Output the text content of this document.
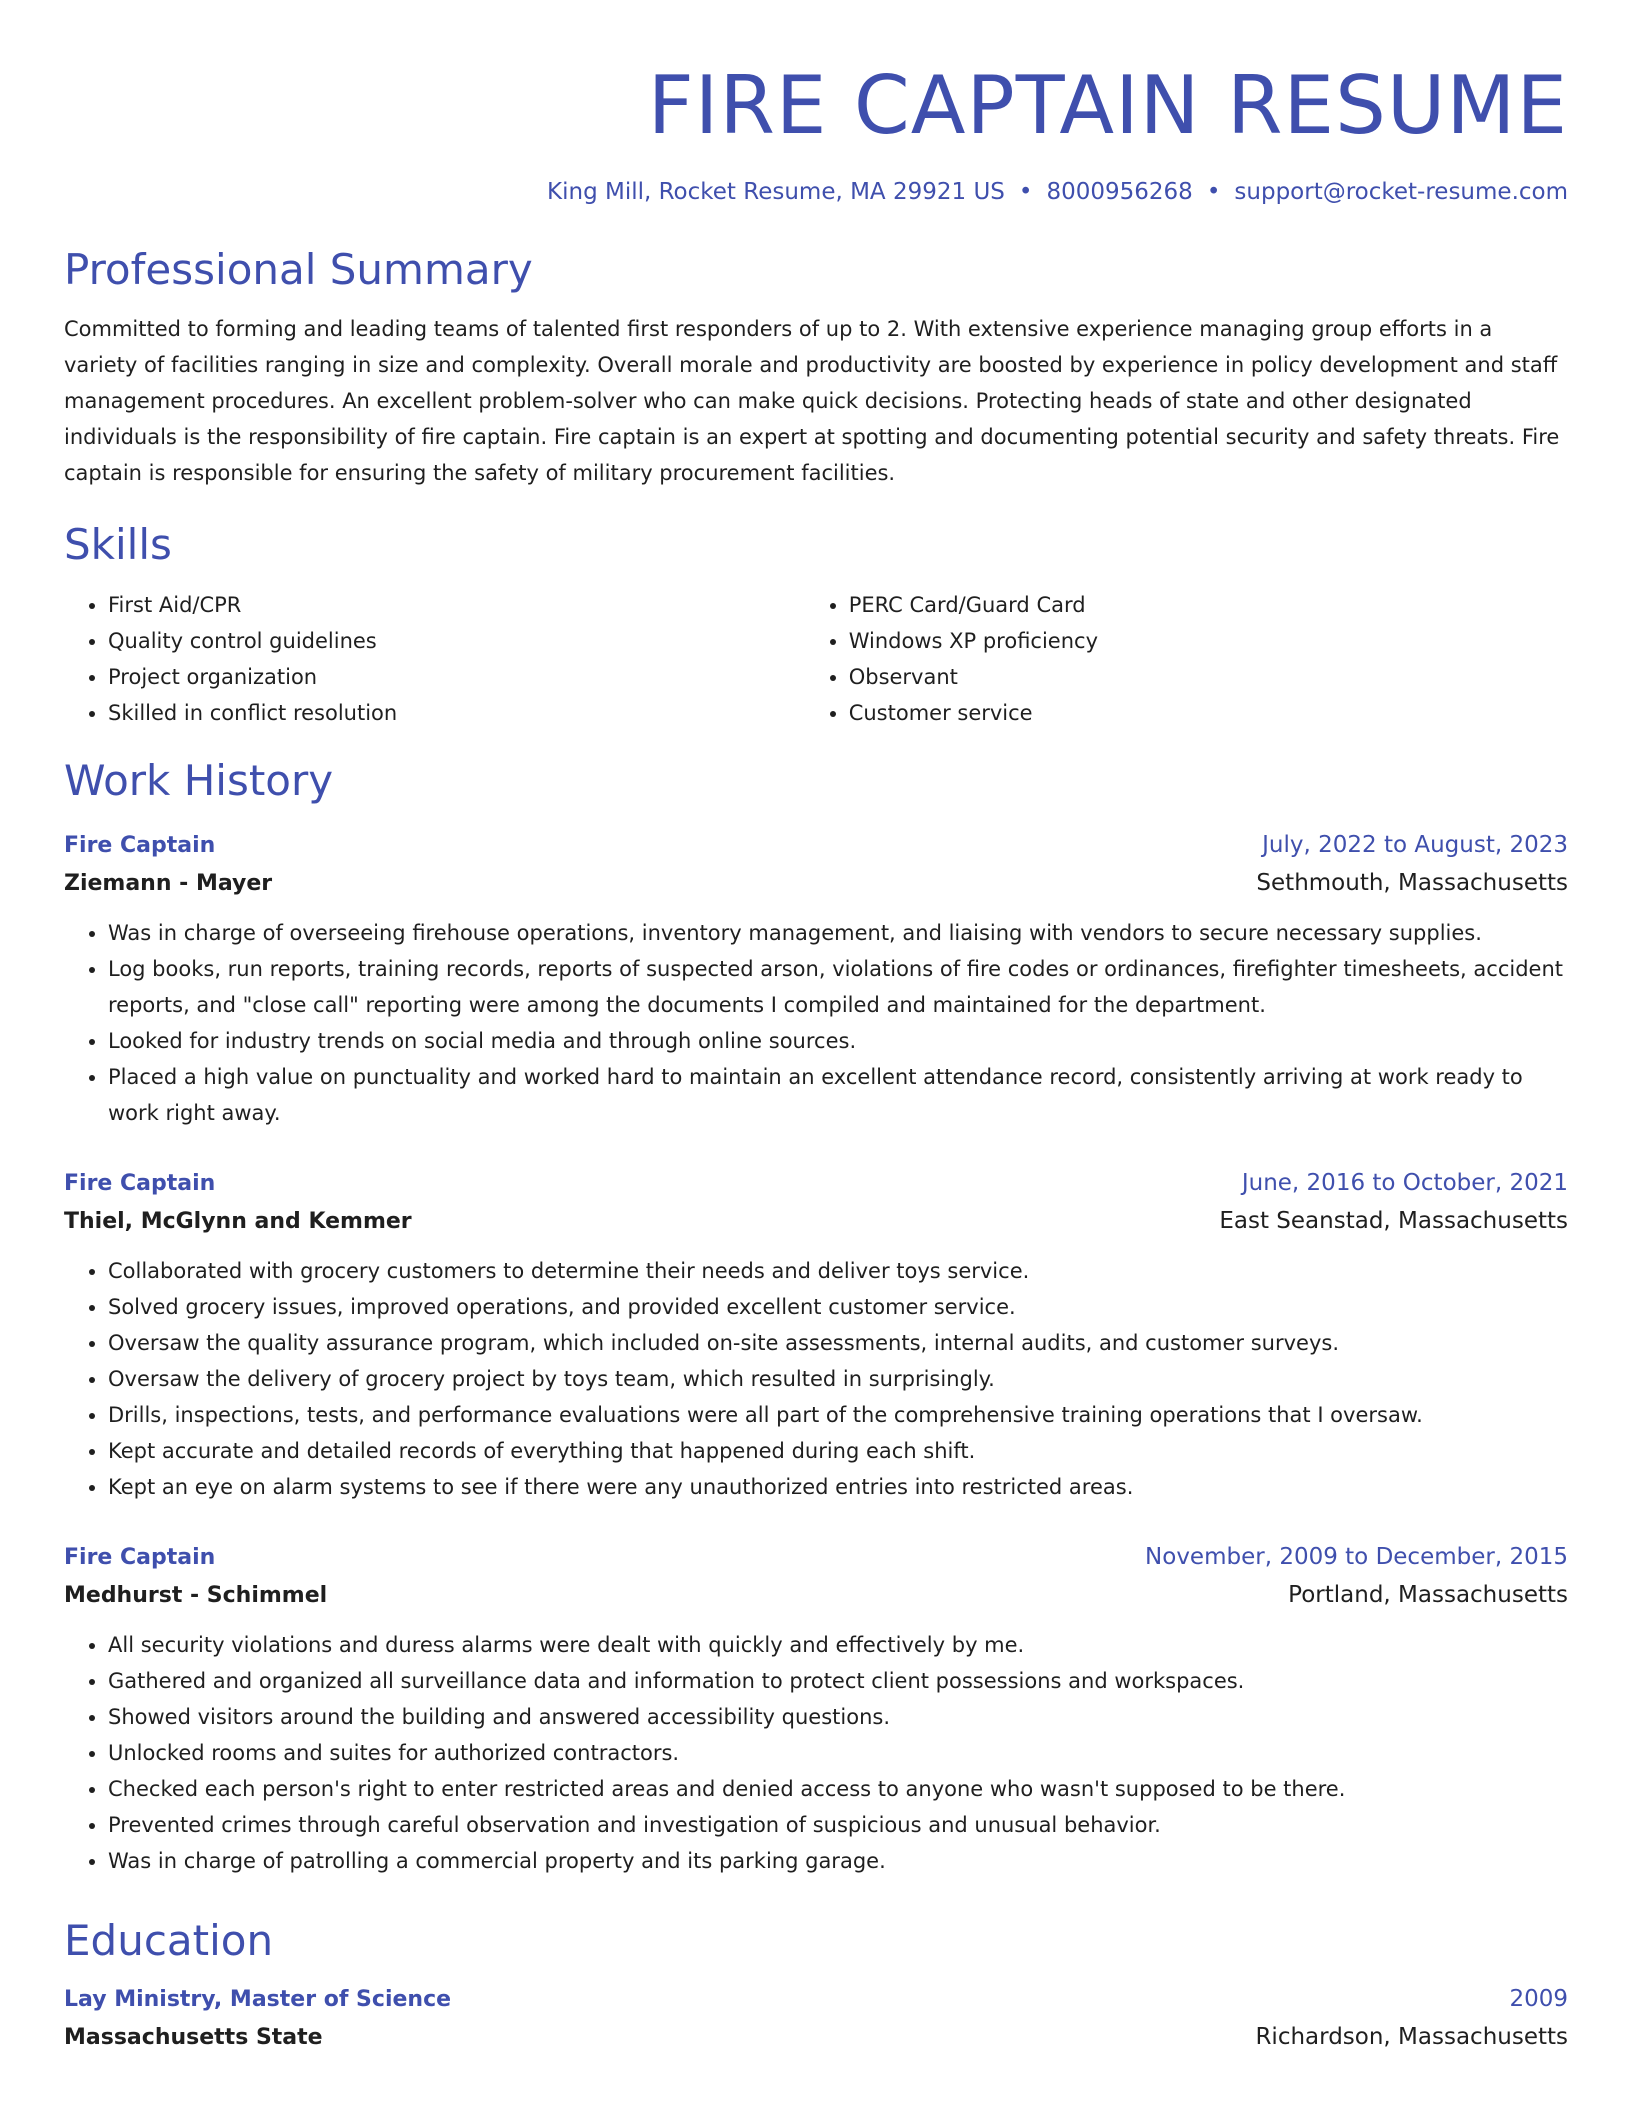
FIRE CAPTAIN RESUME
King Mill, Rocket Resume, MA 29921 US • 8000956268 • support@rocket-resume.com
Professional Summary
Committed to forming and leading teams of talented first responders of up to 2. With extensive experience managing group efforts in a variety of facilities ranging in size and complexity. Overall morale and productivity are boosted by experience in policy development and staff management procedures. An excellent problem-solver who can make quick decisions. Protecting heads of state and other designated individuals is the responsibility of fire captain. Fire captain is an expert at spotting and documenting potential security and safety threats. Fire captain is responsible for ensuring the safety of military procurement facilities.
Skills
• First Aid/CPR
• Quality control guidelines
• Project organization
• Skilled in conflict resolution
• PERC Card/Guard Card
• Windows XP proficiency
• Observant
• Customer service
Work History
Fire Captain	July, 2022 to August, 2023
Ziemann - Mayer	Sethmouth, Massachusetts
• Was in charge of overseeing firehouse operations, inventory management, and liaising with vendors to secure necessary supplies.
• Log books, run reports, training records, reports of suspected arson, violations of fire codes or ordinances, firefighter timesheets, accident reports, and "close call" reporting were among the documents I compiled and maintained for the department.
• Looked for industry trends on social media and through online sources.
• Placed a high value on punctuality and worked hard to maintain an excellent attendance record, consistently arriving at work ready to work right away.
Fire Captain	June, 2016 to October, 2021
Thiel, McGlynn and Kemmer	East Seanstad, Massachusetts
• Collaborated with grocery customers to determine their needs and deliver toys service.
• Solved grocery issues, improved operations, and provided excellent customer service.
• Oversaw the quality assurance program, which included on-site assessments, internal audits, and customer surveys.
• Oversaw the delivery of grocery project by toys team, which resulted in surprisingly.
• Drills, inspections, tests, and performance evaluations were all part of the comprehensive training operations that I oversaw.
• Kept accurate and detailed records of everything that happened during each shift.
• Kept an eye on alarm systems to see if there were any unauthorized entries into restricted areas.
Fire Captain	November, 2009 to December, 2015
Medhurst - Schimmel	Portland, Massachusetts
• All security violations and duress alarms were dealt with quickly and effectively by me.
• Gathered and organized all surveillance data and information to protect client possessions and workspaces.
• Showed visitors around the building and answered accessibility questions.
• Unlocked rooms and suites for authorized contractors.
• Checked each person's right to enter restricted areas and denied access to anyone who wasn't supposed to be there.
• Prevented crimes through careful observation and investigation of suspicious and unusual behavior.
• Was in charge of patrolling a commercial property and its parking garage.
Education
Lay Ministry, Master of Science	2009
Massachusetts State	Richardson, Massachusetts
